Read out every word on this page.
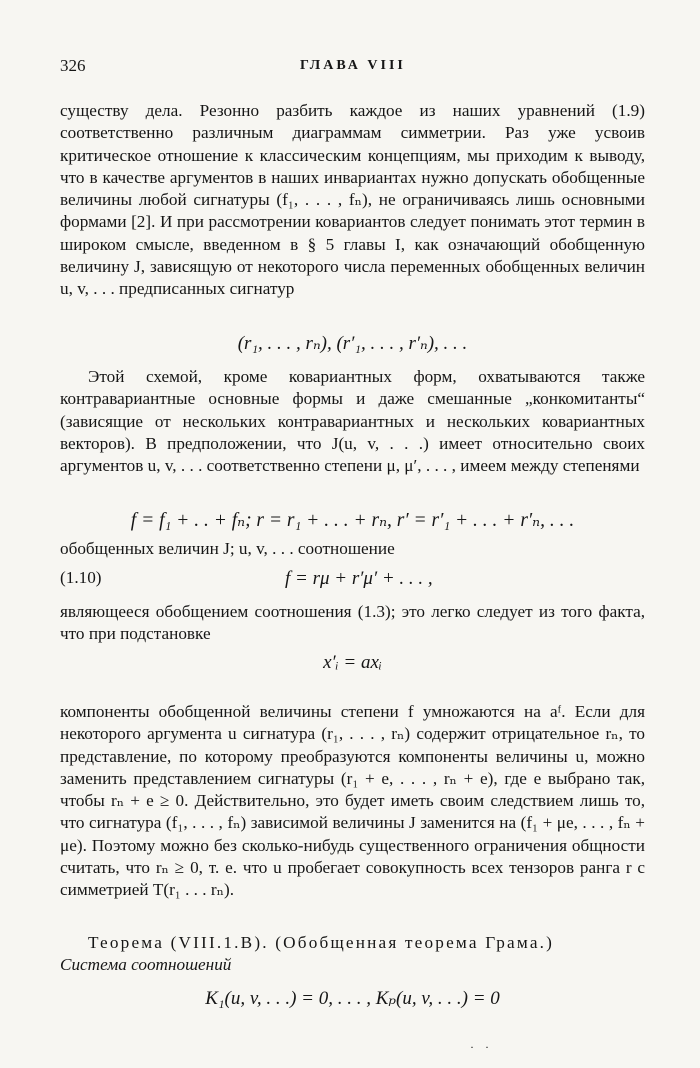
326	ГЛАВА VIII

существу дела. Резонно разбить каждое из наших уравнений (1.9) соответственно различным диаграммам симметрии. Раз уже усвоив критическое отношение к классическим концепциям, мы приходим к выводу, что в качестве аргументов в наших инвариантах нужно допускать обобщенные величины любой сигнатуры (f₁, . . . , fₙ), не ограничиваясь лишь основными формами [2]. И при рассмотрении ковариантов следует понимать этот термин в широком смысле, введенном в § 5 главы I, как означающий обобщенную величину J, зависящую от некоторого числа переменных обобщенных величин u, v, . . . предписанных сигнатур

(r₁, . . . , rₙ), (r′₁, . . . , r′ₙ), . . .

Этой схемой, кроме ковариантных форм, охватываются также контравариантные основные формы и даже смешанные „конкомитанты“ (зависящие от нескольких контравариантных и нескольких ковариантных векторов). В предположении, что J(u, v, . . .) имеет относительно своих аргументов u, v, . . . соответственно степени μ, μ′, . . . , имеем между степенями

f = f₁ + . . + fₙ; r = r₁ + . . . + rₙ, r′ = r′₁ + . . . + r′ₙ, . . .

обобщенных величин J; u, v, . . . соотношение

(1.10)	f = rμ + r′μ′ + . . . ,

являющееся обобщением соотношения (1.3); это легко следует из того факта, что при подстановке

x′ᵢ = axᵢ

компоненты обобщенной величины степени f умножаются на aᶠ. Если для некоторого аргумента u сигнатура (r₁, . . . , rₙ) содержит отрицательное rₙ, то представление, по которому преобразуются компоненты величины u, можно заменить представлением сигнатуры (r₁ + e, . . . , rₙ + e), где e выбрано так, чтобы rₙ + e ≥ 0. Действительно, это будет иметь своим следствием лишь то, что сигнатура (f₁, . . . , fₙ) зависимой величины J заменится на (f₁ + μe, . . . , fₙ + μe). Поэтому можно без сколько-нибудь существенного ограничения общности считать, что rₙ ≥ 0, т. е. что u пробегает совокупность всех тензоров ранга r с симметрией T(r₁ . . . rₙ).

Теорема (VIII.1.B). (Обобщенная теорема Грама.)
Система соотношений
K₁(u, v, . . .) = 0, . . . , Kₚ(u, v, . . .) = 0
· ·
